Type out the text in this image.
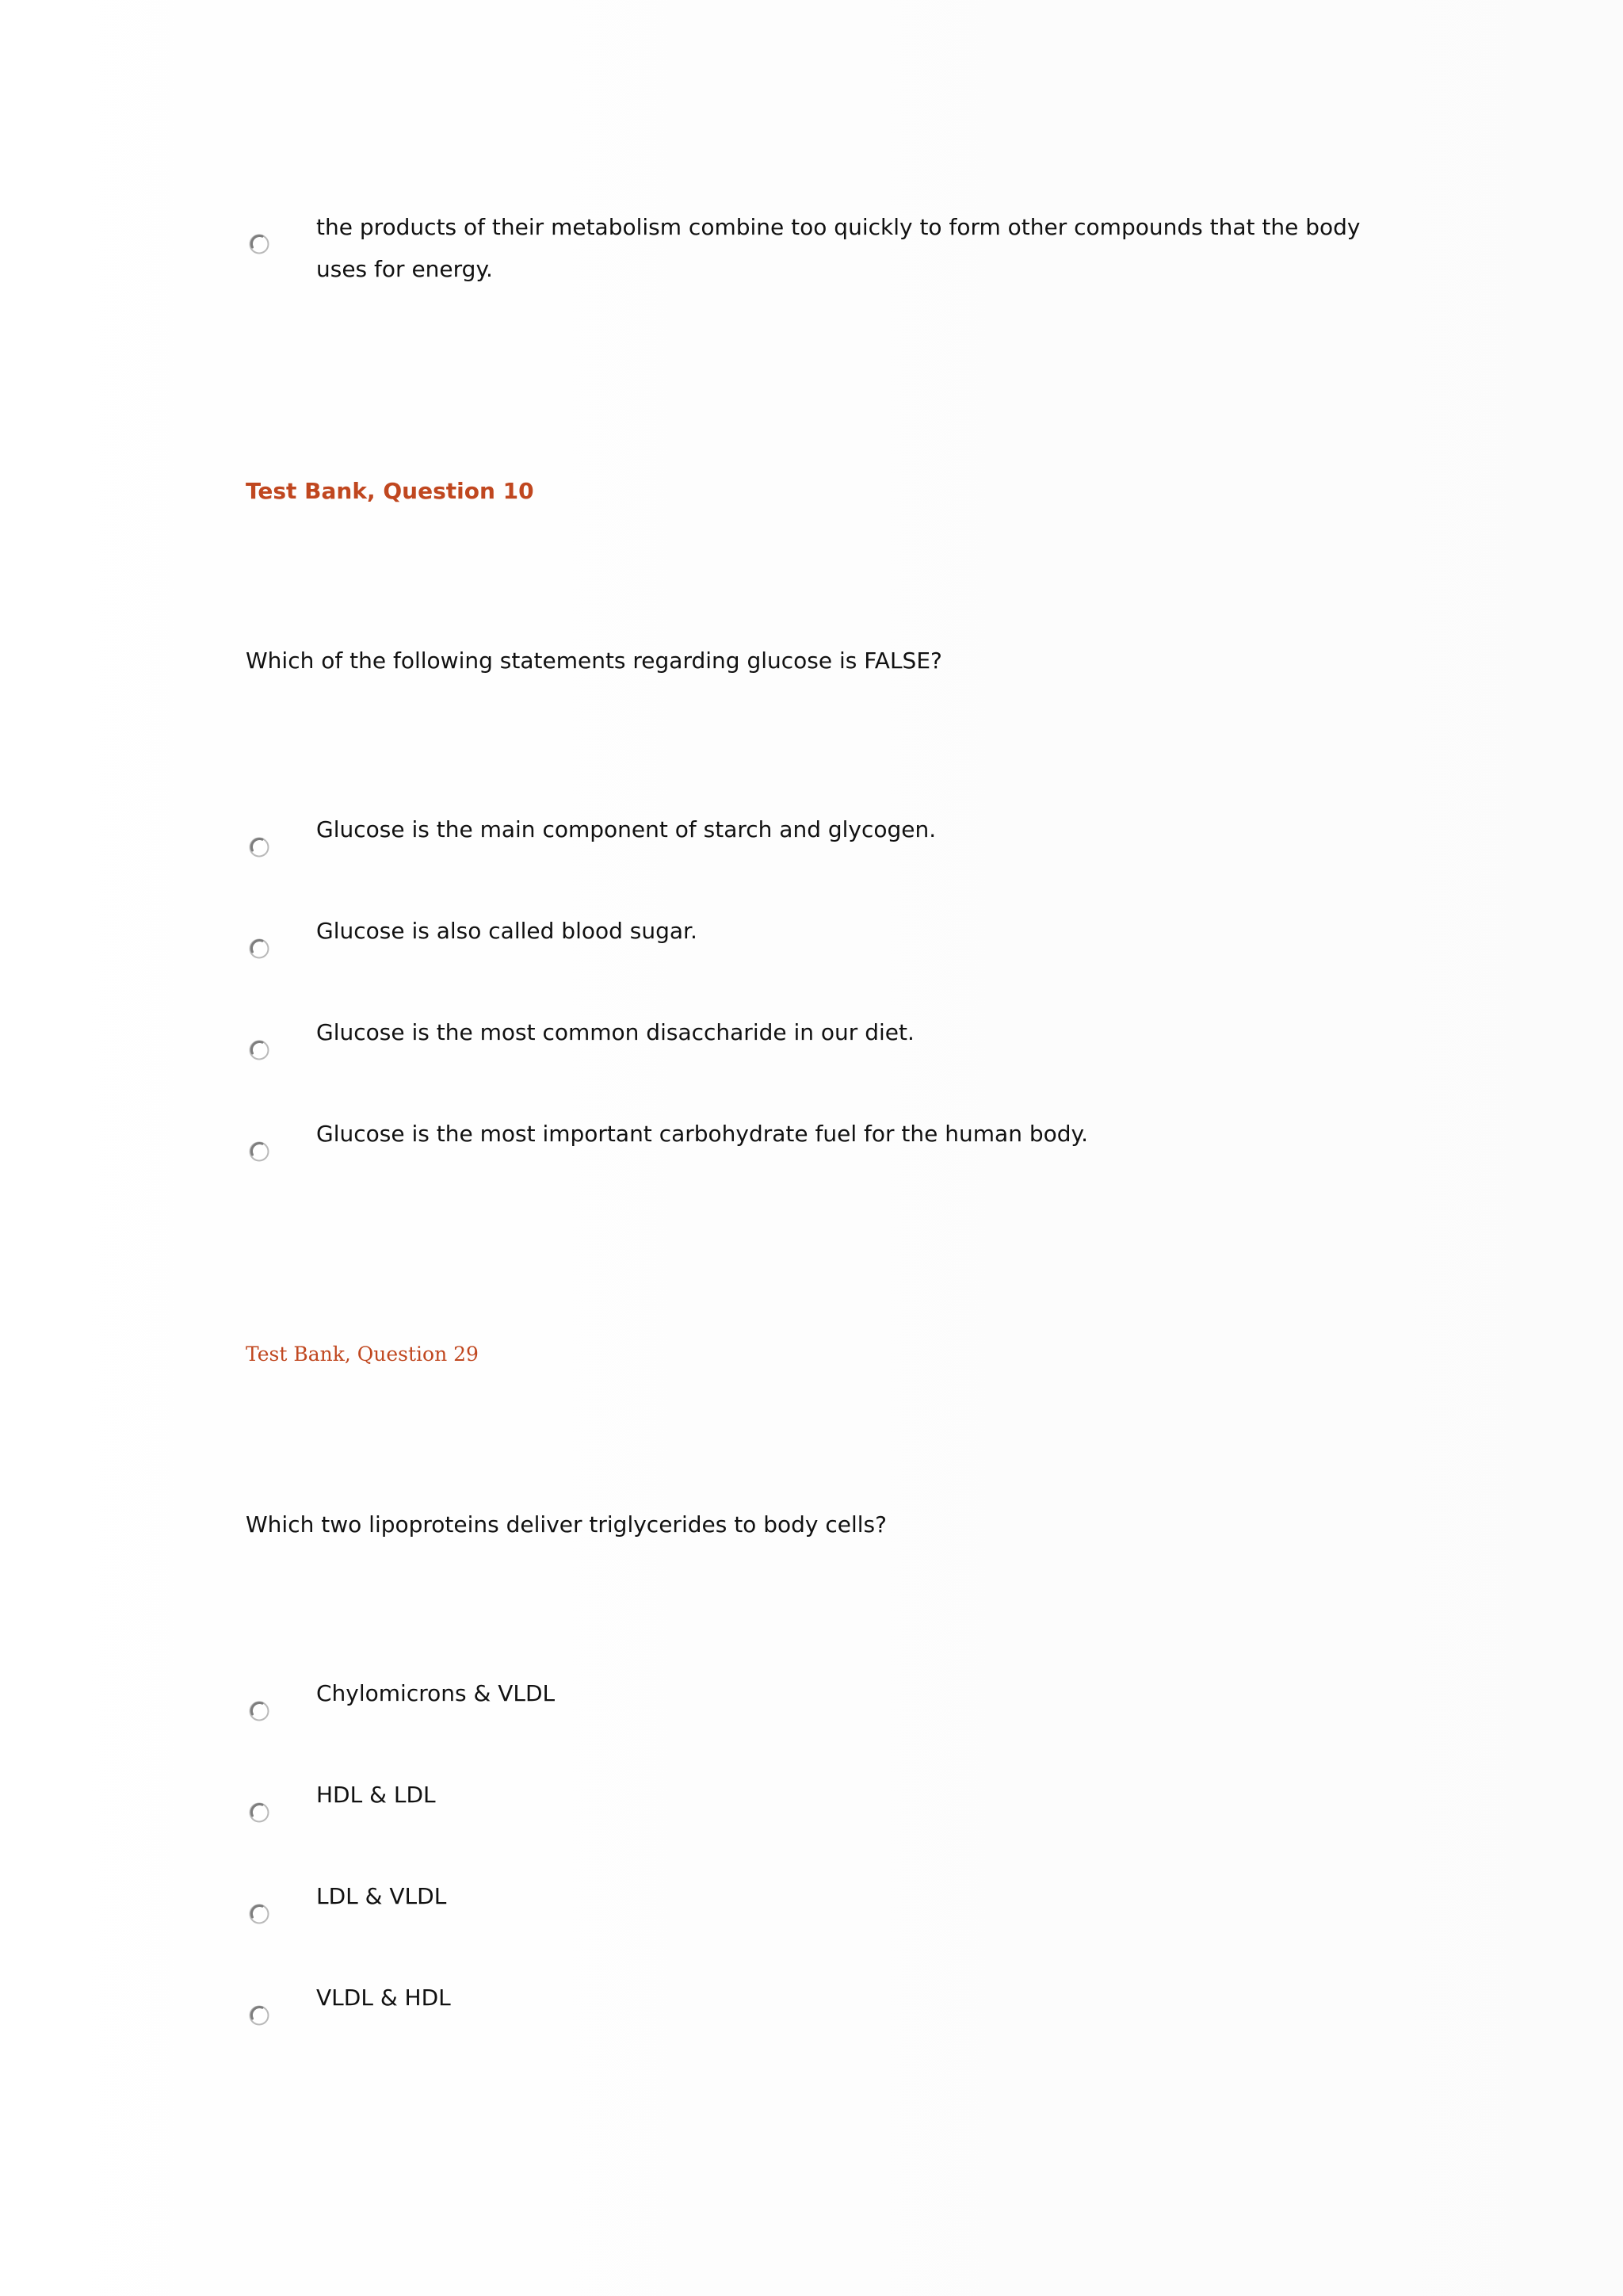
the products of their metabolism combine too quickly to form other compounds that the body uses for energy.
Test Bank, Question 10
Which of the following statements regarding glucose is FALSE?
Glucose is the main component of starch and glycogen.
Glucose is also called blood sugar.
Glucose is the most common disaccharide in our diet.
Glucose is the most important carbohydrate fuel for the human body.
Test Bank, Question 29
Which two lipoproteins deliver triglycerides to body cells?
Chylomicrons & VLDL
HDL & LDL
LDL & VLDL
VLDL & HDL
